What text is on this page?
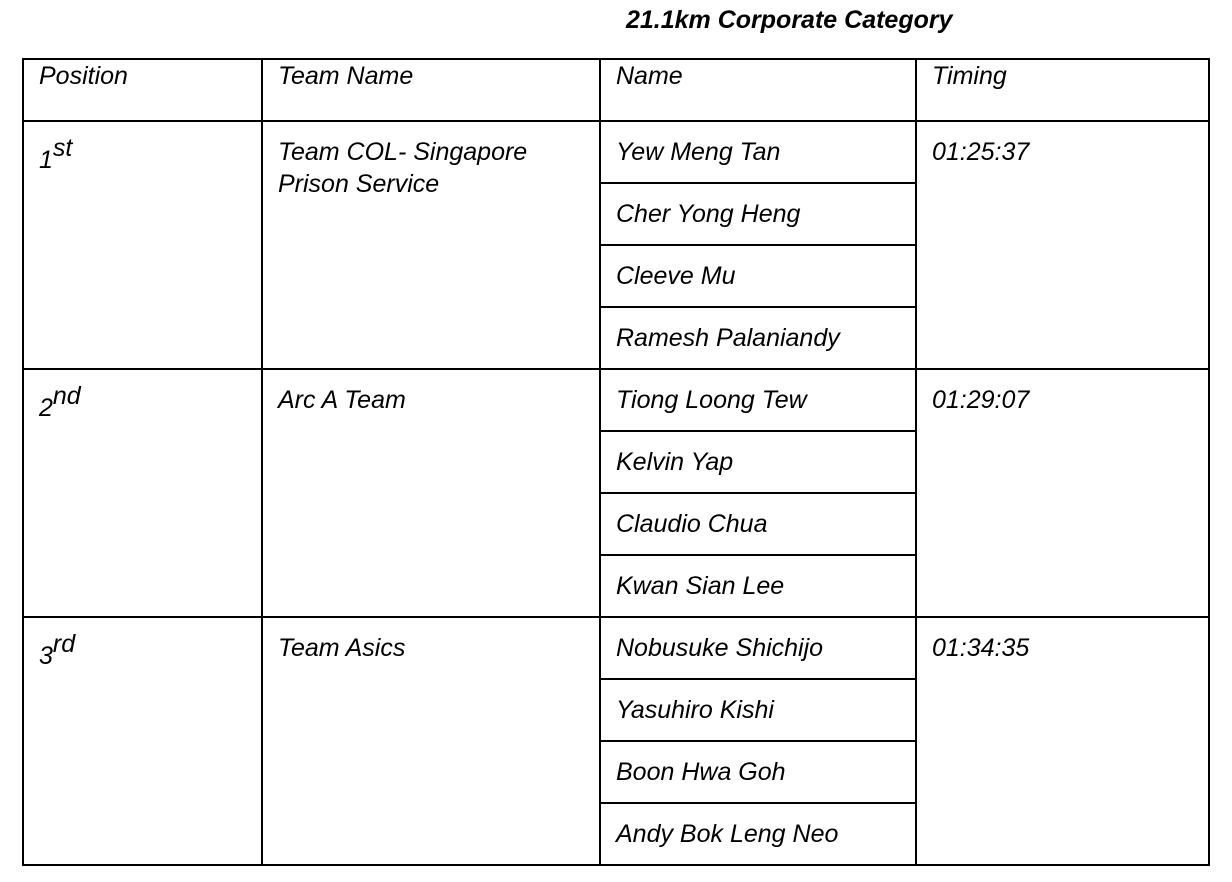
21.1km Corporate Category
Position	Team Name	Name	Timing

1st	Team COL- Singapore Prison Service	Yew Meng Tan	01:25:37

		Cher Yong Heng	

		Cleeve Mu	

		Ramesh Palaniandy	

2nd	Arc A Team	Tiong Loong Tew	01:29:07

		Kelvin Yap	

		Claudio Chua	

		Kwan Sian Lee	

3rd	Team Asics	Nobusuke Shichijo	01:34:35

		Yasuhiro Kishi	

		Boon Hwa Goh	

		Andy Bok Leng Neo	
